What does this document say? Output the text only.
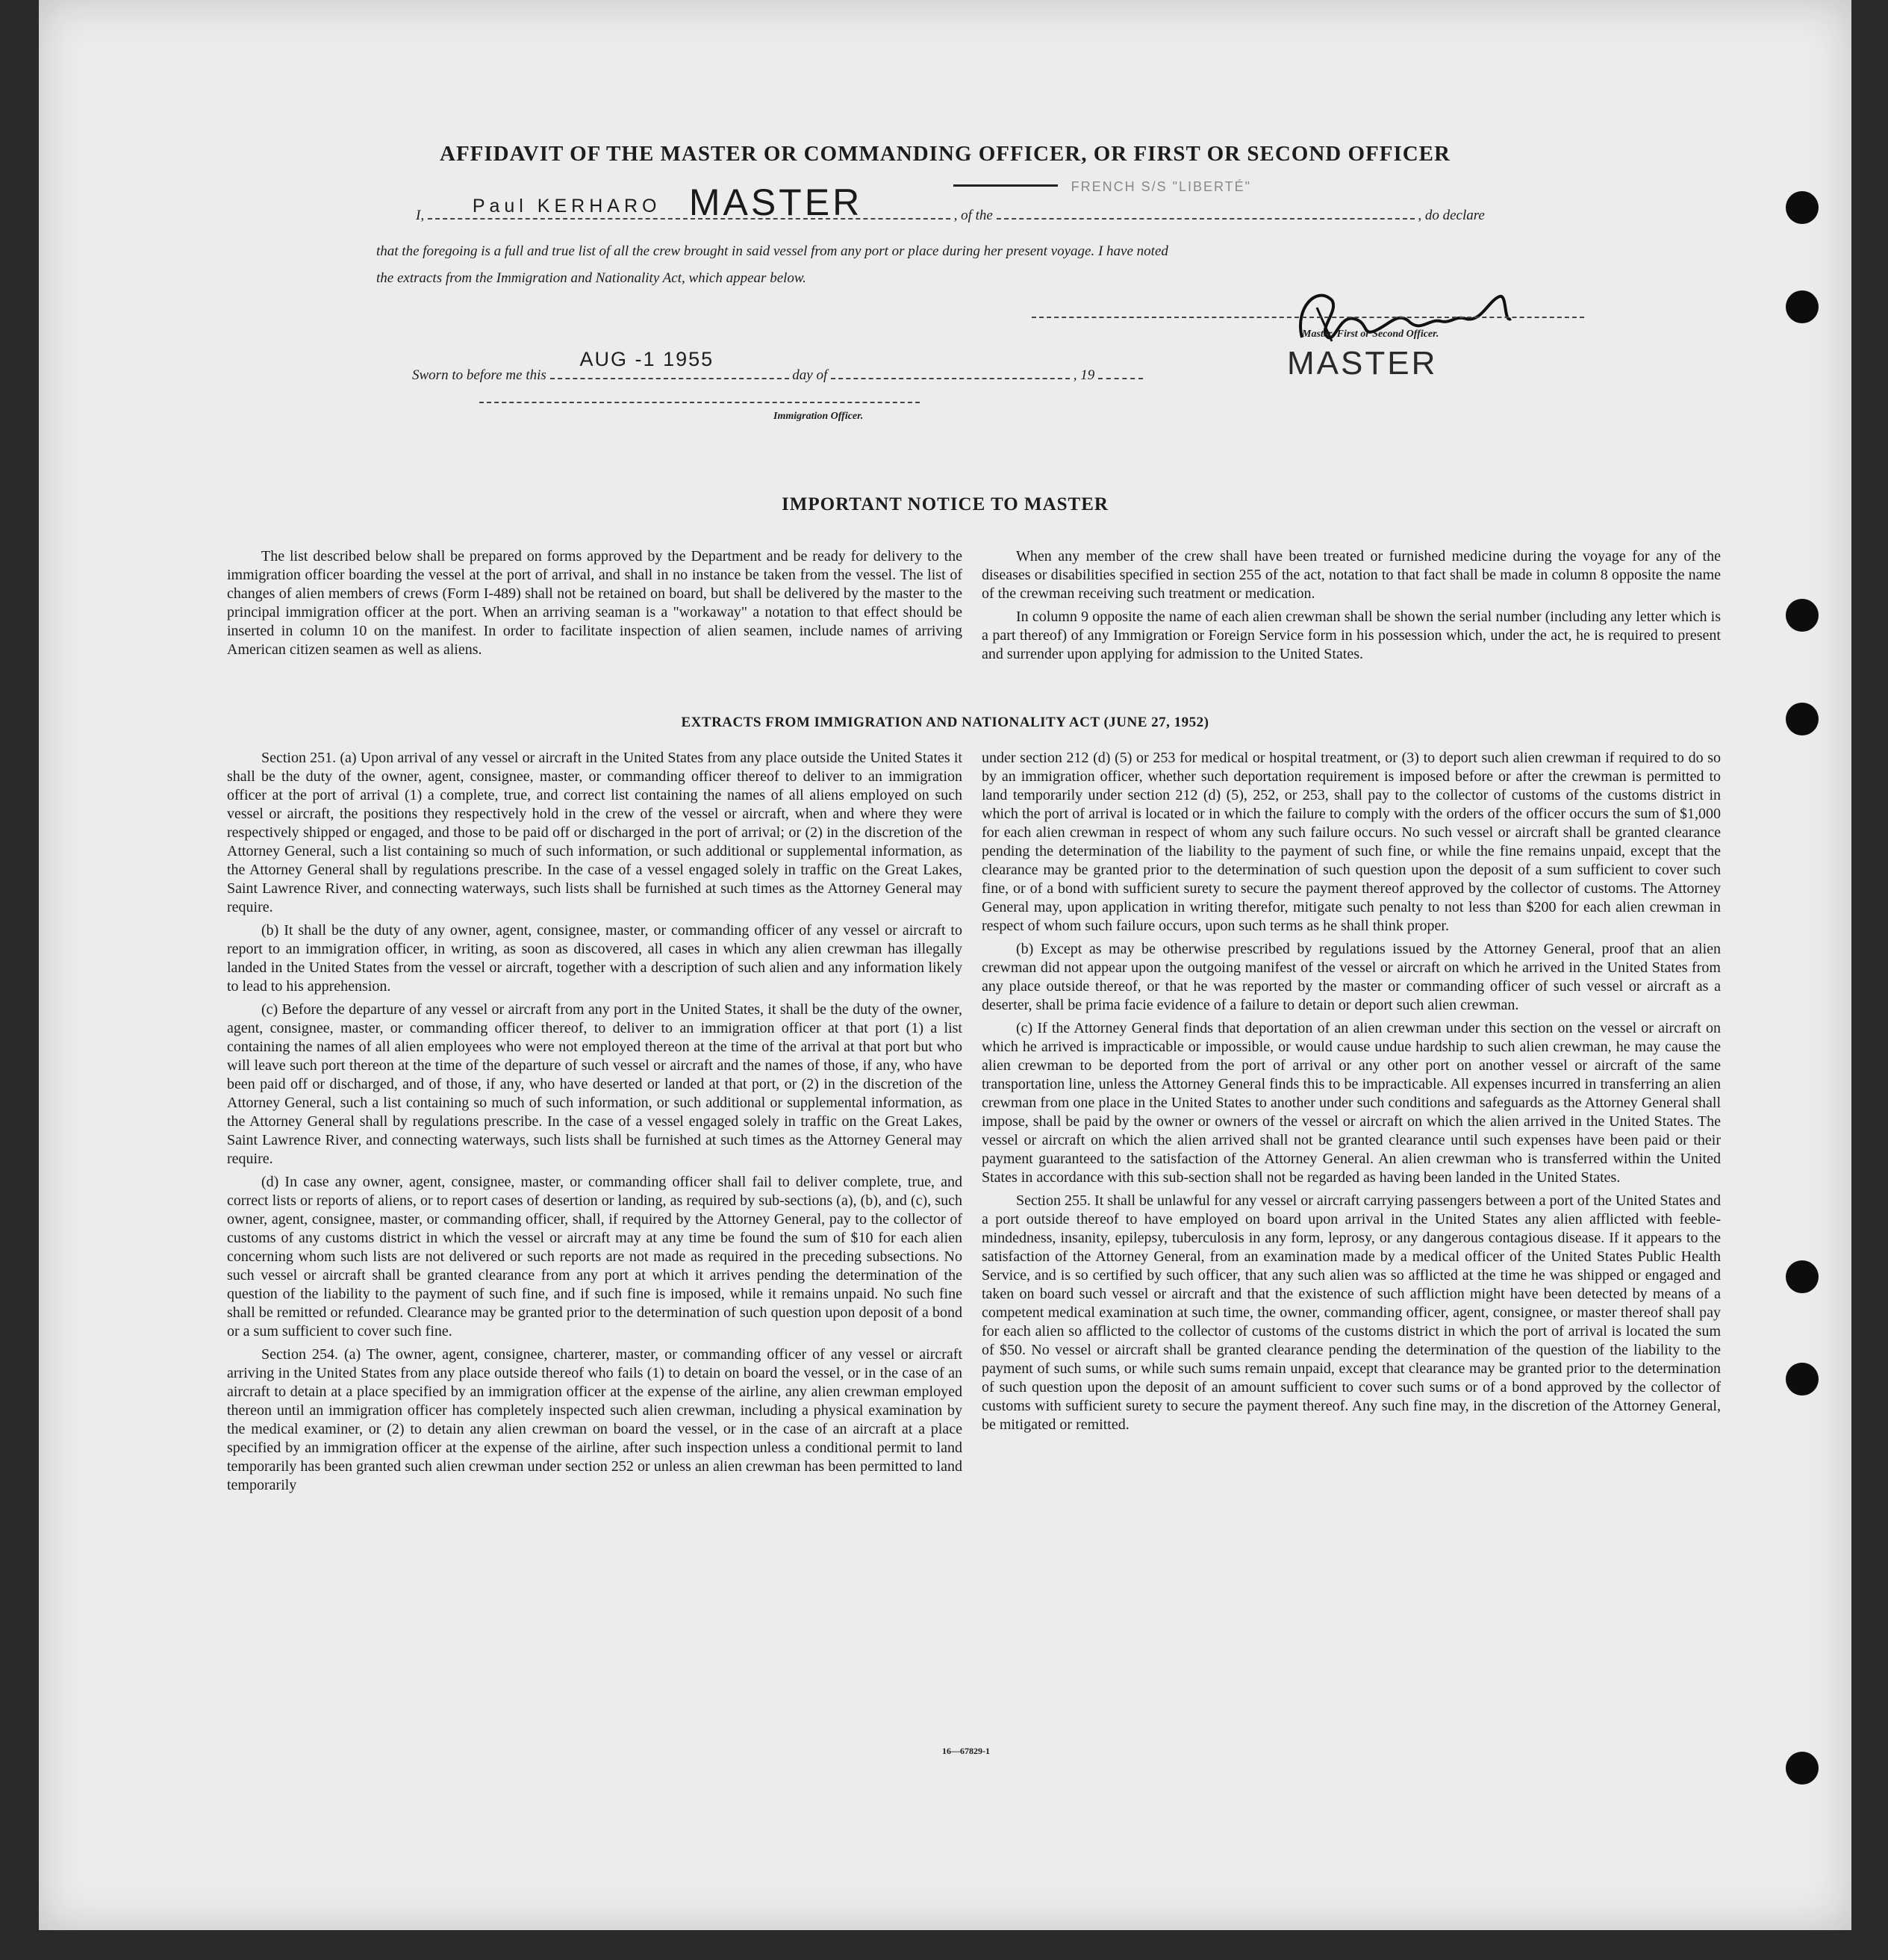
AFFIDAVIT OF THE MASTER OR COMMANDING OFFICER, OR FIRST OR SECOND OFFICER
I,	Paul KERHARO MASTER	, of the
FRENCH S/S "LIBERTÉ"
, do declare
that the foregoing is a full and true list of all the crew brought in said vessel from any port or place during her present voyage. I have noted
the extracts from the Immigration and Nationality Act, which appear below.
Master, First or Second Officer.
MASTER
Sworn to before me this
AUG -1 1955
day of	, 19
Immigration Officer.
IMPORTANT NOTICE TO MASTER

The list described below shall be prepared on forms approved by the Department and be ready for delivery to the immigration officer boarding the vessel at the port of arrival, and shall in no instance be taken from the vessel. The list of changes of alien members of crews (Form I-489) shall not be retained on board, but shall be delivered by the master to the principal immigration officer at the port. When an arriving seaman is a "workaway" a notation to that effect should be inserted in column 10 on the manifest. In order to facilitate inspection of alien seamen, include names of arriving American citizen seamen as well as aliens.

When any member of the crew shall have been treated or furnished medicine during the voyage for any of the diseases or disabilities specified in section 255 of the act, notation to that fact shall be made in column 8 opposite the name of the crewman receiving such treatment or medication.

In column 9 opposite the name of each alien crewman shall be shown the serial number (including any letter which is a part thereof) of any Immigration or Foreign Service form in his possession which, under the act, he is required to present and surrender upon applying for admission to the United States.

EXTRACTS FROM IMMIGRATION AND NATIONALITY ACT (JUNE 27, 1952)

Section 251. (a) Upon arrival of any vessel or aircraft in the United States from any place outside the United States it shall be the duty of the owner, agent, consignee, master, or commanding officer thereof to deliver to an immigration officer at the port of arrival (1) a complete, true, and correct list containing the names of all aliens employed on such vessel or aircraft, the positions they respectively hold in the crew of the vessel or aircraft, when and where they were respectively shipped or engaged, and those to be paid off or discharged in the port of arrival; or (2) in the discretion of the Attorney General, such a list containing so much of such information, or such additional or supplemental information, as the Attorney General shall by regulations prescribe. In the case of a vessel engaged solely in traffic on the Great Lakes, Saint Lawrence River, and connecting waterways, such lists shall be furnished at such times as the Attorney General may require.

(b) It shall be the duty of any owner, agent, consignee, master, or commanding officer of any vessel or aircraft to report to an immigration officer, in writing, as soon as discovered, all cases in which any alien crewman has illegally landed in the United States from the vessel or aircraft, together with a description of such alien and any information likely to lead to his apprehension.

(c) Before the departure of any vessel or aircraft from any port in the United States, it shall be the duty of the owner, agent, consignee, master, or commanding officer thereof, to deliver to an immigration officer at that port (1) a list containing the names of all alien employees who were not employed thereon at the time of the arrival at that port but who will leave such port thereon at the time of the departure of such vessel or aircraft and the names of those, if any, who have been paid off or discharged, and of those, if any, who have deserted or landed at that port, or (2) in the discretion of the Attorney General, such a list containing so much of such information, or such additional or supplemental information, as the Attorney General shall by regulations prescribe. In the case of a vessel engaged solely in traffic on the Great Lakes, Saint Lawrence River, and connecting waterways, such lists shall be furnished at such times as the Attorney General may require.

(d) In case any owner, agent, consignee, master, or commanding officer shall fail to deliver complete, true, and correct lists or reports of aliens, or to report cases of desertion or landing, as required by sub-sections (a), (b), and (c), such owner, agent, consignee, master, or commanding officer, shall, if required by the Attorney General, pay to the collector of customs of any customs district in which the vessel or aircraft may at any time be found the sum of $10 for each alien concerning whom such lists are not delivered or such reports are not made as required in the preceding subsections. No such vessel or aircraft shall be granted clearance from any port at which it arrives pending the determination of the question of the liability to the payment of such fine, and if such fine is imposed, while it remains unpaid. No such fine shall be remitted or refunded. Clearance may be granted prior to the determination of such question upon deposit of a bond or a sum sufficient to cover such fine.

Section 254. (a) The owner, agent, consignee, charterer, master, or commanding officer of any vessel or aircraft arriving in the United States from any place outside thereof who fails (1) to detain on board the vessel, or in the case of an aircraft to detain at a place specified by an immigration officer at the expense of the airline, any alien crewman employed thereon until an immigration officer has completely inspected such alien crewman, including a physical examination by the medical examiner, or (2) to detain any alien crewman on board the vessel, or in the case of an aircraft at a place specified by an immigration officer at the expense of the airline, after such inspection unless a conditional permit to land temporarily has been granted such alien crewman under section 252 or unless an alien crewman has been permitted to land temporarily

under section 212 (d) (5) or 253 for medical or hospital treatment, or (3) to deport such alien crewman if required to do so by an immigration officer, whether such deportation requirement is imposed before or after the crewman is permitted to land temporarily under section 212 (d) (5), 252, or 253, shall pay to the collector of customs of the customs district in which the port of arrival is located or in which the failure to comply with the orders of the officer occurs the sum of $1,000 for each alien crewman in respect of whom any such failure occurs. No such vessel or aircraft shall be granted clearance pending the determination of the liability to the payment of such fine, or while the fine remains unpaid, except that the clearance may be granted prior to the determination of such question upon the deposit of a sum sufficient to cover such fine, or of a bond with sufficient surety to secure the payment thereof approved by the collector of customs. The Attorney General may, upon application in writing therefor, mitigate such penalty to not less than $200 for each alien crewman in respect of whom such failure occurs, upon such terms as he shall think proper.

(b) Except as may be otherwise prescribed by regulations issued by the Attorney General, proof that an alien crewman did not appear upon the outgoing manifest of the vessel or aircraft on which he arrived in the United States from any place outside thereof, or that he was reported by the master or commanding officer of such vessel or aircraft as a deserter, shall be prima facie evidence of a failure to detain or deport such alien crewman.

(c) If the Attorney General finds that deportation of an alien crewman under this section on the vessel or aircraft on which he arrived is impracticable or impossible, or would cause undue hardship to such alien crewman, he may cause the alien crewman to be deported from the port of arrival or any other port on another vessel or aircraft of the same transportation line, unless the Attorney General finds this to be impracticable. All expenses incurred in transferring an alien crewman from one place in the United States to another under such conditions and safeguards as the Attorney General shall impose, shall be paid by the owner or owners of the vessel or aircraft on which the alien arrived in the United States. The vessel or aircraft on which the alien arrived shall not be granted clearance until such expenses have been paid or their payment guaranteed to the satisfaction of the Attorney General. An alien crewman who is transferred within the United States in accordance with this sub-section shall not be regarded as having been landed in the United States.

Section 255. It shall be unlawful for any vessel or aircraft carrying passengers between a port of the United States and a port outside thereof to have employed on board upon arrival in the United States any alien afflicted with feeble-mindedness, insanity, epilepsy, tuberculosis in any form, leprosy, or any dangerous contagious disease. If it appears to the satisfaction of the Attorney General, from an examination made by a medical officer of the United States Public Health Service, and is so certified by such officer, that any such alien was so afflicted at the time he was shipped or engaged and taken on board such vessel or aircraft and that the existence of such affliction might have been detected by means of a competent medical examination at such time, the owner, commanding officer, agent, consignee, or master thereof shall pay for each alien so afflicted to the collector of customs of the customs district in which the port of arrival is located the sum of $50. No vessel or aircraft shall be granted clearance pending the determination of the question of the liability to the payment of such sums, or while such sums remain unpaid, except that clearance may be granted prior to the determination of such question upon the deposit of an amount sufficient to cover such sums or of a bond approved by the collector of customs with sufficient surety to secure the payment thereof. Any such fine may, in the discretion of the Attorney General, be mitigated or remitted.

16—67829-1
